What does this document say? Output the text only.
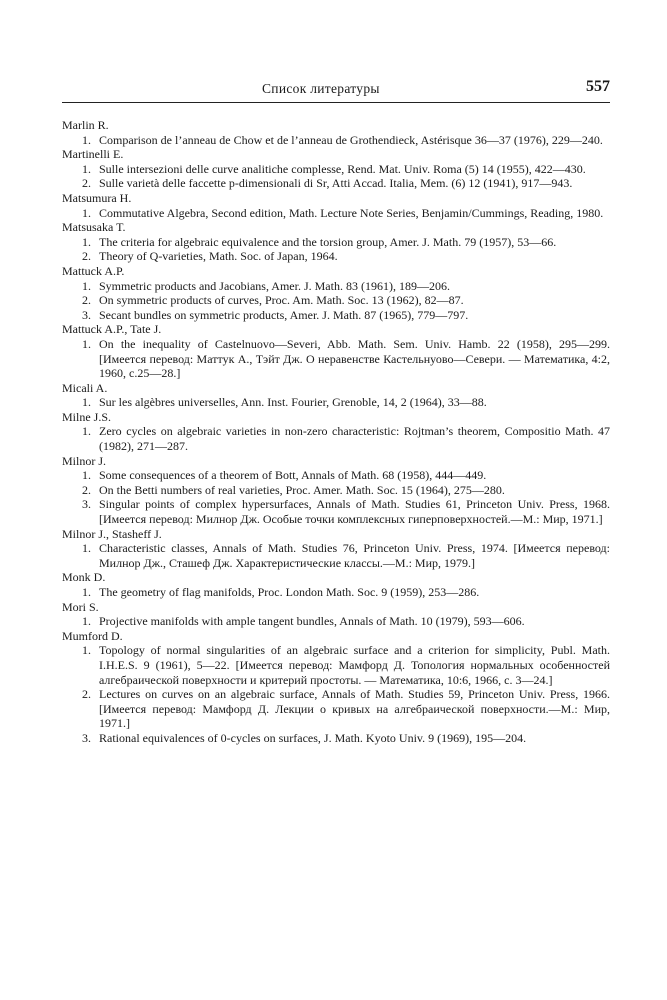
Список литературы	557
Marlin R.
1. Comparison de l’anneau de Chow et de l’anneau de Grothendieck, Astérisque 36—37 (1976), 229—240.
Martinelli E.
1. Sulle intersezioni delle curve analitiche complesse, Rend. Mat. Univ. Roma (5) 14 (1955), 422—430.
2. Sulle varietà delle faccette p-dimensionali di Sr, Atti Accad. Italia, Mem. (6) 12 (1941), 917—943.
Matsumura H.
1. Commutative Algebra, Second edition, Math. Lecture Note Series, Benjamin/Cummings, Reading, 1980.
Matsusaka T.
1. The criteria for algebraic equivalence and the torsion group, Amer. J. Math. 79 (1957), 53—66.
2. Theory of Q-varieties, Math. Soc. of Japan, 1964.
Mattuck A.P.
1. Symmetric products and Jacobians, Amer. J. Math. 83 (1961), 189—206.
2. On symmetric products of curves, Proc. Am. Math. Soc. 13 (1962), 82—87.
3. Secant bundles on symmetric products, Amer. J. Math. 87 (1965), 779—797.
Mattuck A.P., Tate J.
1. On the inequality of Castelnuovo—Severi, Abb. Math. Sem. Univ. Hamb. 22 (1958), 295—299. [Имеется перевод: Маттук А., Тэйт Дж. О неравенстве Кастельнуово—Севери. — Математика, 4:2, 1960, с.25—28.]
Micali A.
1. Sur les algèbres universelles, Ann. Inst. Fourier, Grenoble, 14, 2 (1964), 33—88.
Milne J.S.
1. Zero cycles on algebraic varieties in non-zero characteristic: Rojtman’s theorem, Compositio Math. 47 (1982), 271—287.
Milnor J.
1. Some consequences of a theorem of Bott, Annals of Math. 68 (1958), 444—449.
2. On the Betti numbers of real varieties, Proc. Amer. Math. Soc. 15 (1964), 275—280.
3. Singular points of complex hypersurfaces, Annals of Math. Studies 61, Princeton Univ. Press, 1968. [Имеется перевод: Милнор Дж. Особые точки комплексных гиперповерхностей.—М.: Мир, 1971.]
Milnor J., Stasheff J.
1. Characteristic classes, Annals of Math. Studies 76, Princeton Univ. Press, 1974. [Имеется перевод: Милнор Дж., Сташеф Дж. Характеристические классы.—М.: Мир, 1979.]
Monk D.
1. The geometry of flag manifolds, Proc. London Math. Soc. 9 (1959), 253—286.
Mori S.
1. Projective manifolds with ample tangent bundles, Annals of Math. 10 (1979), 593—606.
Mumford D.
1. Topology of normal singularities of an algebraic surface and a criterion for simplicity, Publ. Math. I.H.E.S. 9 (1961), 5—22. [Имеется перевод: Мамфорд Д. Топология нормальных особенностей алгебраической поверхности и критерий простоты. — Математика, 10:6, 1966, с. 3—24.]
2. Lectures on curves on an algebraic surface, Annals of Math. Studies 59, Princeton Univ. Press, 1966. [Имеется перевод: Мамфорд Д. Лекции о кривых на алгебраической поверхности.—М.: Мир, 1971.]
3. Rational equivalences of 0-cycles on surfaces, J. Math. Kyoto Univ. 9 (1969), 195—204.
